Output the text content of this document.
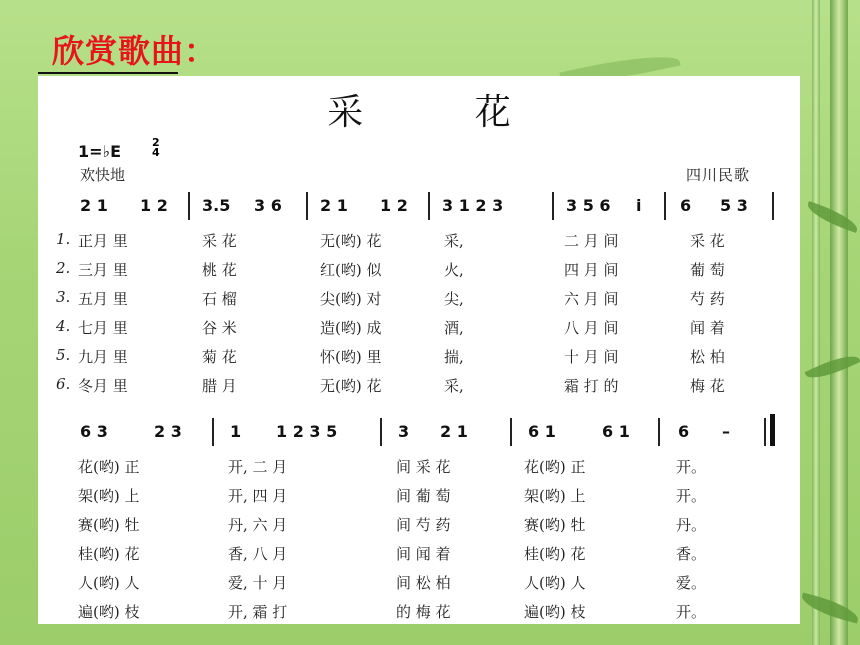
欣赏歌曲：
采 花
1=♭E	2
4
欢快地	四川民歌
2 1 1 2 3.5 3 6 2 1 1 2 3 1 2 3	3 5 6 i 6 5 3
1. 正月 里	采 花	无(哟) 花	采,	二 月 间	采 花
2. 三月 里	桃 花	红(哟) 似	火,	四 月 间	葡 萄
3. 五月 里	石 榴	尖(哟) 对	尖,	六 月 间	芍 药
4. 七月 里	谷 米	造(哟) 成	酒,	八 月 间	闻 着
5. 九月 里	菊 花	怀(哟) 里	揣,	十 月 间	松 柏
6. 冬月 里	腊 月	无(哟) 花	采,	霜 打 的	梅 花
6 3	2 3	1 1 2 3 5	3 2 1	6 1	6 1	6 –
花(哟) 正	开, 二 月	间 采 花	花(哟) 正	开。
架(哟) 上	开, 四 月	间 葡 萄	架(哟) 上	开。
赛(哟) 牡	丹, 六 月	间 芍 药	赛(哟) 牡	丹。
桂(哟) 花	香, 八 月	间 闻 着	桂(哟) 花	香。
人(哟) 人	爱, 十 月	间 松 柏	人(哟) 人	爱。
遍(哟) 枝	开, 霜 打	的 梅 花	遍(哟) 枝	开。
